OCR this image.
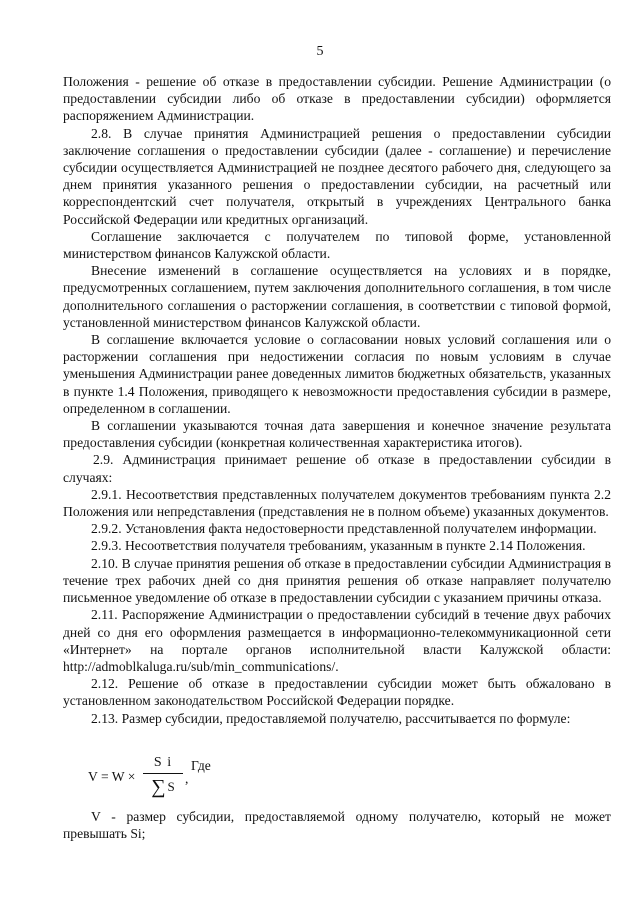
5

Положения - решение об отказе в предоставлении субсидии. Решение Администрации (о предоставлении субсидии либо об отказе в предоставлении субсидии) оформляется распоряжением Администрации.

2.8. В случае принятия Администрацией решения о предоставлении субсидии заключение соглашения о предоставлении субсидии (далее - соглашение) и перечисление субсидии осуществляется Администрацией не позднее десятого рабочего дня, следующего за днем принятия указанного решения о предоставлении субсидии, на расчетный или корреспондентский счет получателя, открытый в учреждениях Центрального банка Российской Федерации или кредитных организаций.

Соглашение заключается с получателем по типовой форме, установленной министерством финансов Калужской области.

Внесение изменений в соглашение осуществляется на условиях и в порядке, предусмотренных соглашением, путем заключения дополнительного соглашения, в том числе дополнительного соглашения о расторжении соглашения, в соответствии с типовой формой, установленной министерством финансов Калужской области.

В соглашение включается условие о согласовании новых условий соглашения или о расторжении соглашения при недостижении согласия по новым условиям в случае уменьшения Администрации ранее доведенных лимитов бюджетных обязательств, указанных в пункте 1.4 Положения, приводящего к невозможности предоставления субсидии в размере, определенном в соглашении.

В соглашении указываются точная дата завершения и конечное значение результата предоставления субсидии (конкретная количественная характеристика итогов).

2.9. Администрация принимает решение об отказе в предоставлении субсидии в случаях:

2.9.1. Несоответствия представленных получателем документов требованиям пункта 2.2 Положения или непредставления (представления не в полном объеме) указанных документов.

2.9.2. Установления факта недостоверности представленной получателем информации.

2.9.3. Несоответствия получателя требованиям, указанным в пункте 2.14 Положения.

2.10. В случае принятия решения об отказе в предоставлении субсидии Администрация в течение трех рабочих дней со дня принятия решения об отказе направляет получателю письменное уведомление об отказе в предоставлении субсидии с указанием причины отказа.

2.11. Распоряжение Администрации о предоставлении субсидий в течение двух рабочих дней со дня его оформления размещается в информационно-телекоммуникационной сети «Интернет» на портале органов исполнительной власти Калужской области: http://admoblkaluga.ru/sub/min_communications/.

2.12. Решение об отказе в предоставлении субсидии может быть обжаловано в установленном законодательством Российской Федерации порядке.

2.13. Размер субсидии, предоставляемой получателю, рассчитывается по формуле:

V = W ×
S i
∑ S
,
Где

V - размер субсидии, предоставляемой одному получателю, который не может превышать Si;
